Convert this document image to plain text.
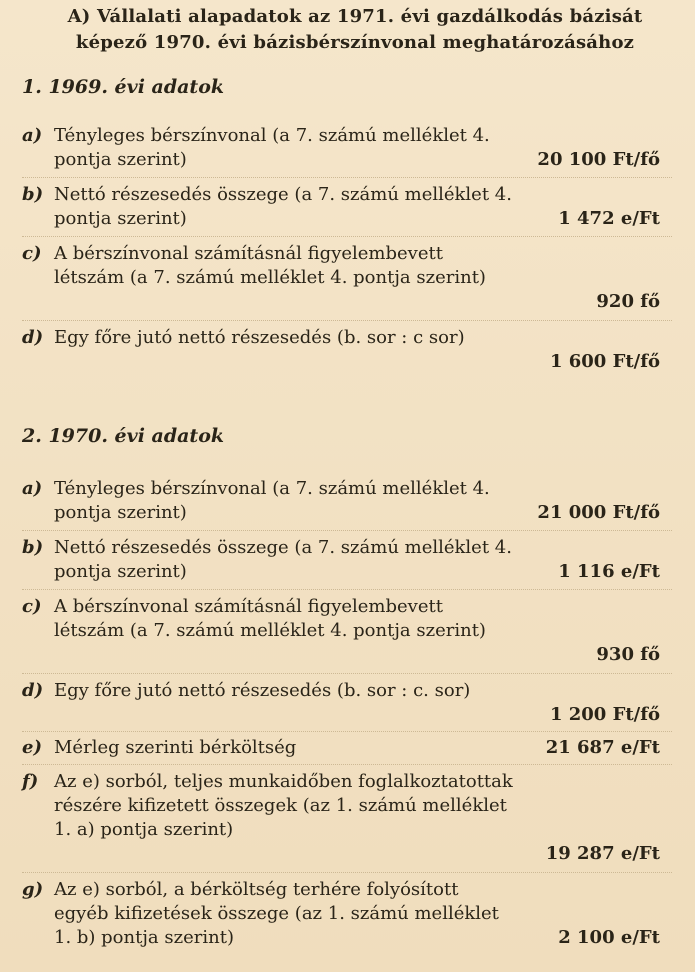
A) Vállalati alapadatok az 1971. évi gazdálkodás bázisát
képező 1970. évi bázisbérszínvonal meghatározásához
1. 1969. évi adatok
a) Tényleges bérszínvonal (a 7. számú melléklet 4. pontja szerint)	20 100 Ft/fő
b) Nettó részesedés összege (a 7. számú melléklet 4. pontja szerint)	1 472 e/Ft
c) A bérszínvonal számításnál figyelembevett létszám (a 7. számú melléklet 4. pontja szerint)
920 fő
d) Egy főre jutó nettó részesedés (b. sor : c sor)
1 600 Ft/fő
2. 1970. évi adatok
a) Tényleges bérszínvonal (a 7. számú melléklet 4. pontja szerint)	21 000 Ft/fő
b) Nettó részesedés összege (a 7. számú melléklet 4. pontja szerint)	1 116 e/Ft
c) A bérszínvonal számításnál figyelembevett létszám (a 7. számú melléklet 4. pontja szerint)
930 fő
d) Egy főre jutó nettó részesedés (b. sor : c. sor)
1 200 Ft/fő
e) Mérleg szerinti bérköltség	21 687 e/Ft
f) Az e) sorból, teljes munkaidőben foglalkoztatottak részére kifizetett összegek (az 1. számú melléklet 1. a) pontja szerint)
19 287 e/Ft
g) Az e) sorból, a bérköltség terhére folyósított egyéb kifizetések összege (az 1. számú melléklet 1. b) pontja szerint)	2 100 e/Ft
